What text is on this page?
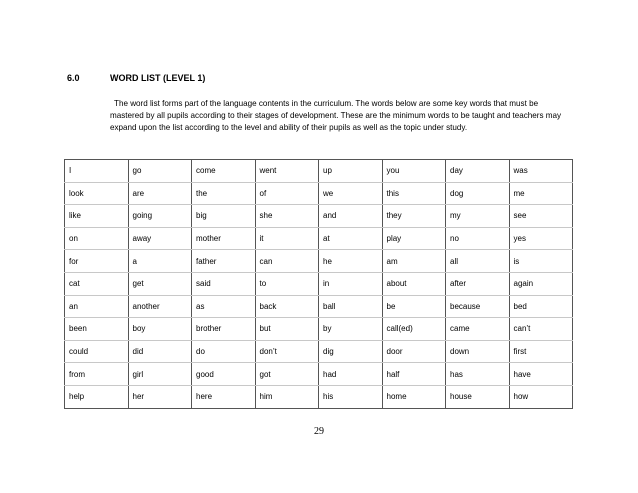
6.0	WORD LIST (LEVEL 1)
The word list forms part of the language contents in the curriculum. The words below are some key words that must be mastered by all pupils according to their stages of development. These are the minimum words to be taught and teachers may expand upon the list according to the level and ability of their pupils as well as the topic under study.
I	go	come	went	up	you	day	was
look	are	the	of	we	this	dog	me
like	going	big	she	and	they	my	see
on	away	mother	it	at	play	no	yes
for	a	father	can	he	am	all	is
cat	get	said	to	in	about	after	again
an	another	as	back	ball	be	because	bed
been	boy	brother	but	by	call(ed)	came	can’t
could	did	do	don’t	dig	door	down	first
from	girl	good	got	had	half	has	have
help	her	here	him	his	home	house	how
29
